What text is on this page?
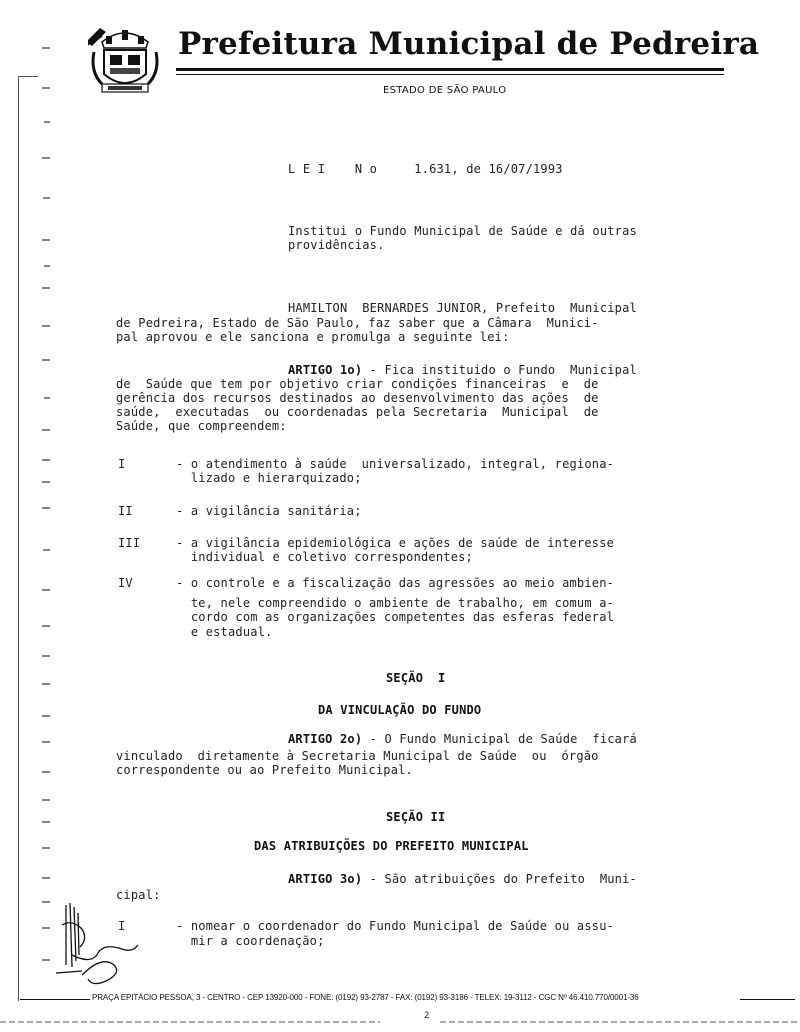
Prefeitura Municipal de Pedreira
ESTADO DE SÃO PAULO
L E I    N o     1.631, de 16/07/1993
Institui o Fundo Municipal de Saúde e dá outras
providências.
HAMILTON  BERNARDES JUNIOR, Prefeito  Municipal
de Pedreira, Estado de São Paulo, faz saber que a Câmara  Munici-
pal aprovou e ele sanciona e promulga a seguinte lei:
ARTIGO 1o) - Fica instituido o Fundo  Municipal
de  Saúde que tem por objetivo criar condições financeiras  e  de
gerência dos recursos destinados ao desenvolvimento das ações  de
saúde,  executadas  ou coordenadas pela Secretaria  Municipal  de
Saúde, que compreendem:
I	- o atendimento à saúde  universalizado, integral, regiona-
lizado e hierarquizado;
II	- a vigilância sanitária;
III	- a vigilância epidemiológica e ações de saúde de interesse
individual e coletivo correspondentes;
IV	- o controle e a fiscalização das agressões ao meio ambien-
te, nele compreendido o ambiente de trabalho, em comum a-
cordo com as organizações competentes das esferas federal
e estadual.
SEÇÃO  I
DA VINCULAÇÃO DO FUNDO
ARTIGO 2o) - O Fundo Municipal de Saúde  ficará
vinculado  diretamente à Secretaria Municipal de Saúde  ou  órgão
correspondente ou ao Prefeito Municipal.
SEÇÃO II
DAS ATRIBUIÇÕES DO PREFEITO MUNICIPAL
ARTIGO 3o) - São atribuições do Prefeito  Muni-
cipal:
I	- nomear o coordenador do Fundo Municipal de Saúde ou assu-
mir a coordenação;
PRAÇA EPITÁCIO PESSOA, 3 - CENTRO - CEP 13920-000 - FONE: (0192) 93-2787 - FAX: (0192) 93-3186 - TELEX: 19-3112 - CGC Nº 46.410.770/0001-36
2
